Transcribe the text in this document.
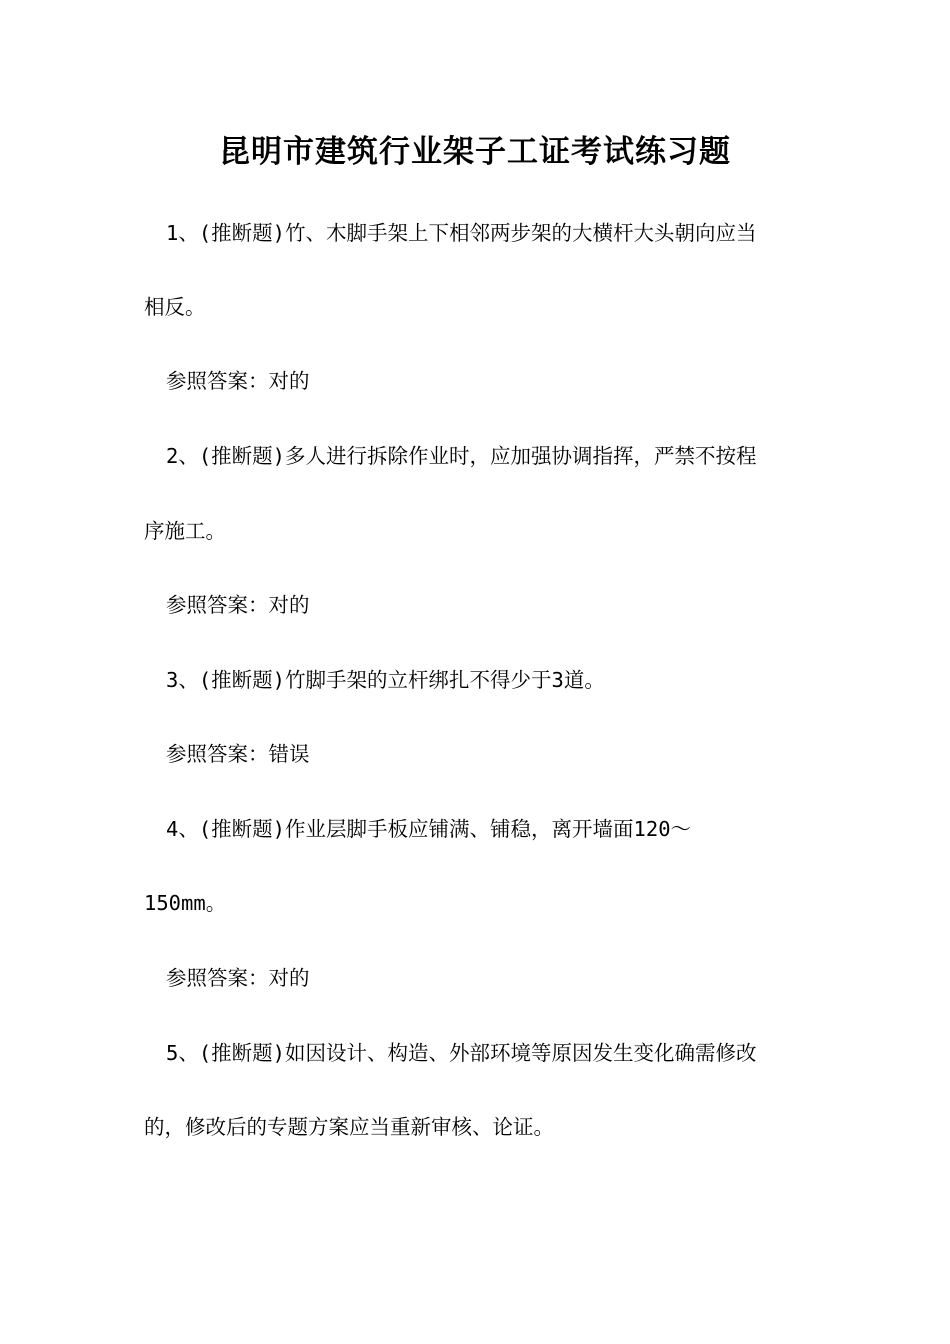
昆明市建筑行业架子工证考试练习题
1、(推断题)竹、木脚手架上下相邻两步架的大横杆大头朝向应当
相反。
参照答案：对的
2、(推断题)多人进行拆除作业时，应加强协调指挥，严禁不按程
序施工。
参照答案：对的
3、(推断题)竹脚手架的立杆绑扎不得少于3道。
参照答案：错误
4、(推断题)作业层脚手板应铺满、铺稳，离开墙面120～
150mm。
参照答案：对的
5、(推断题)如因设计、构造、外部环境等原因发生变化确需修改
的，修改后的专题方案应当重新审核、论证。
